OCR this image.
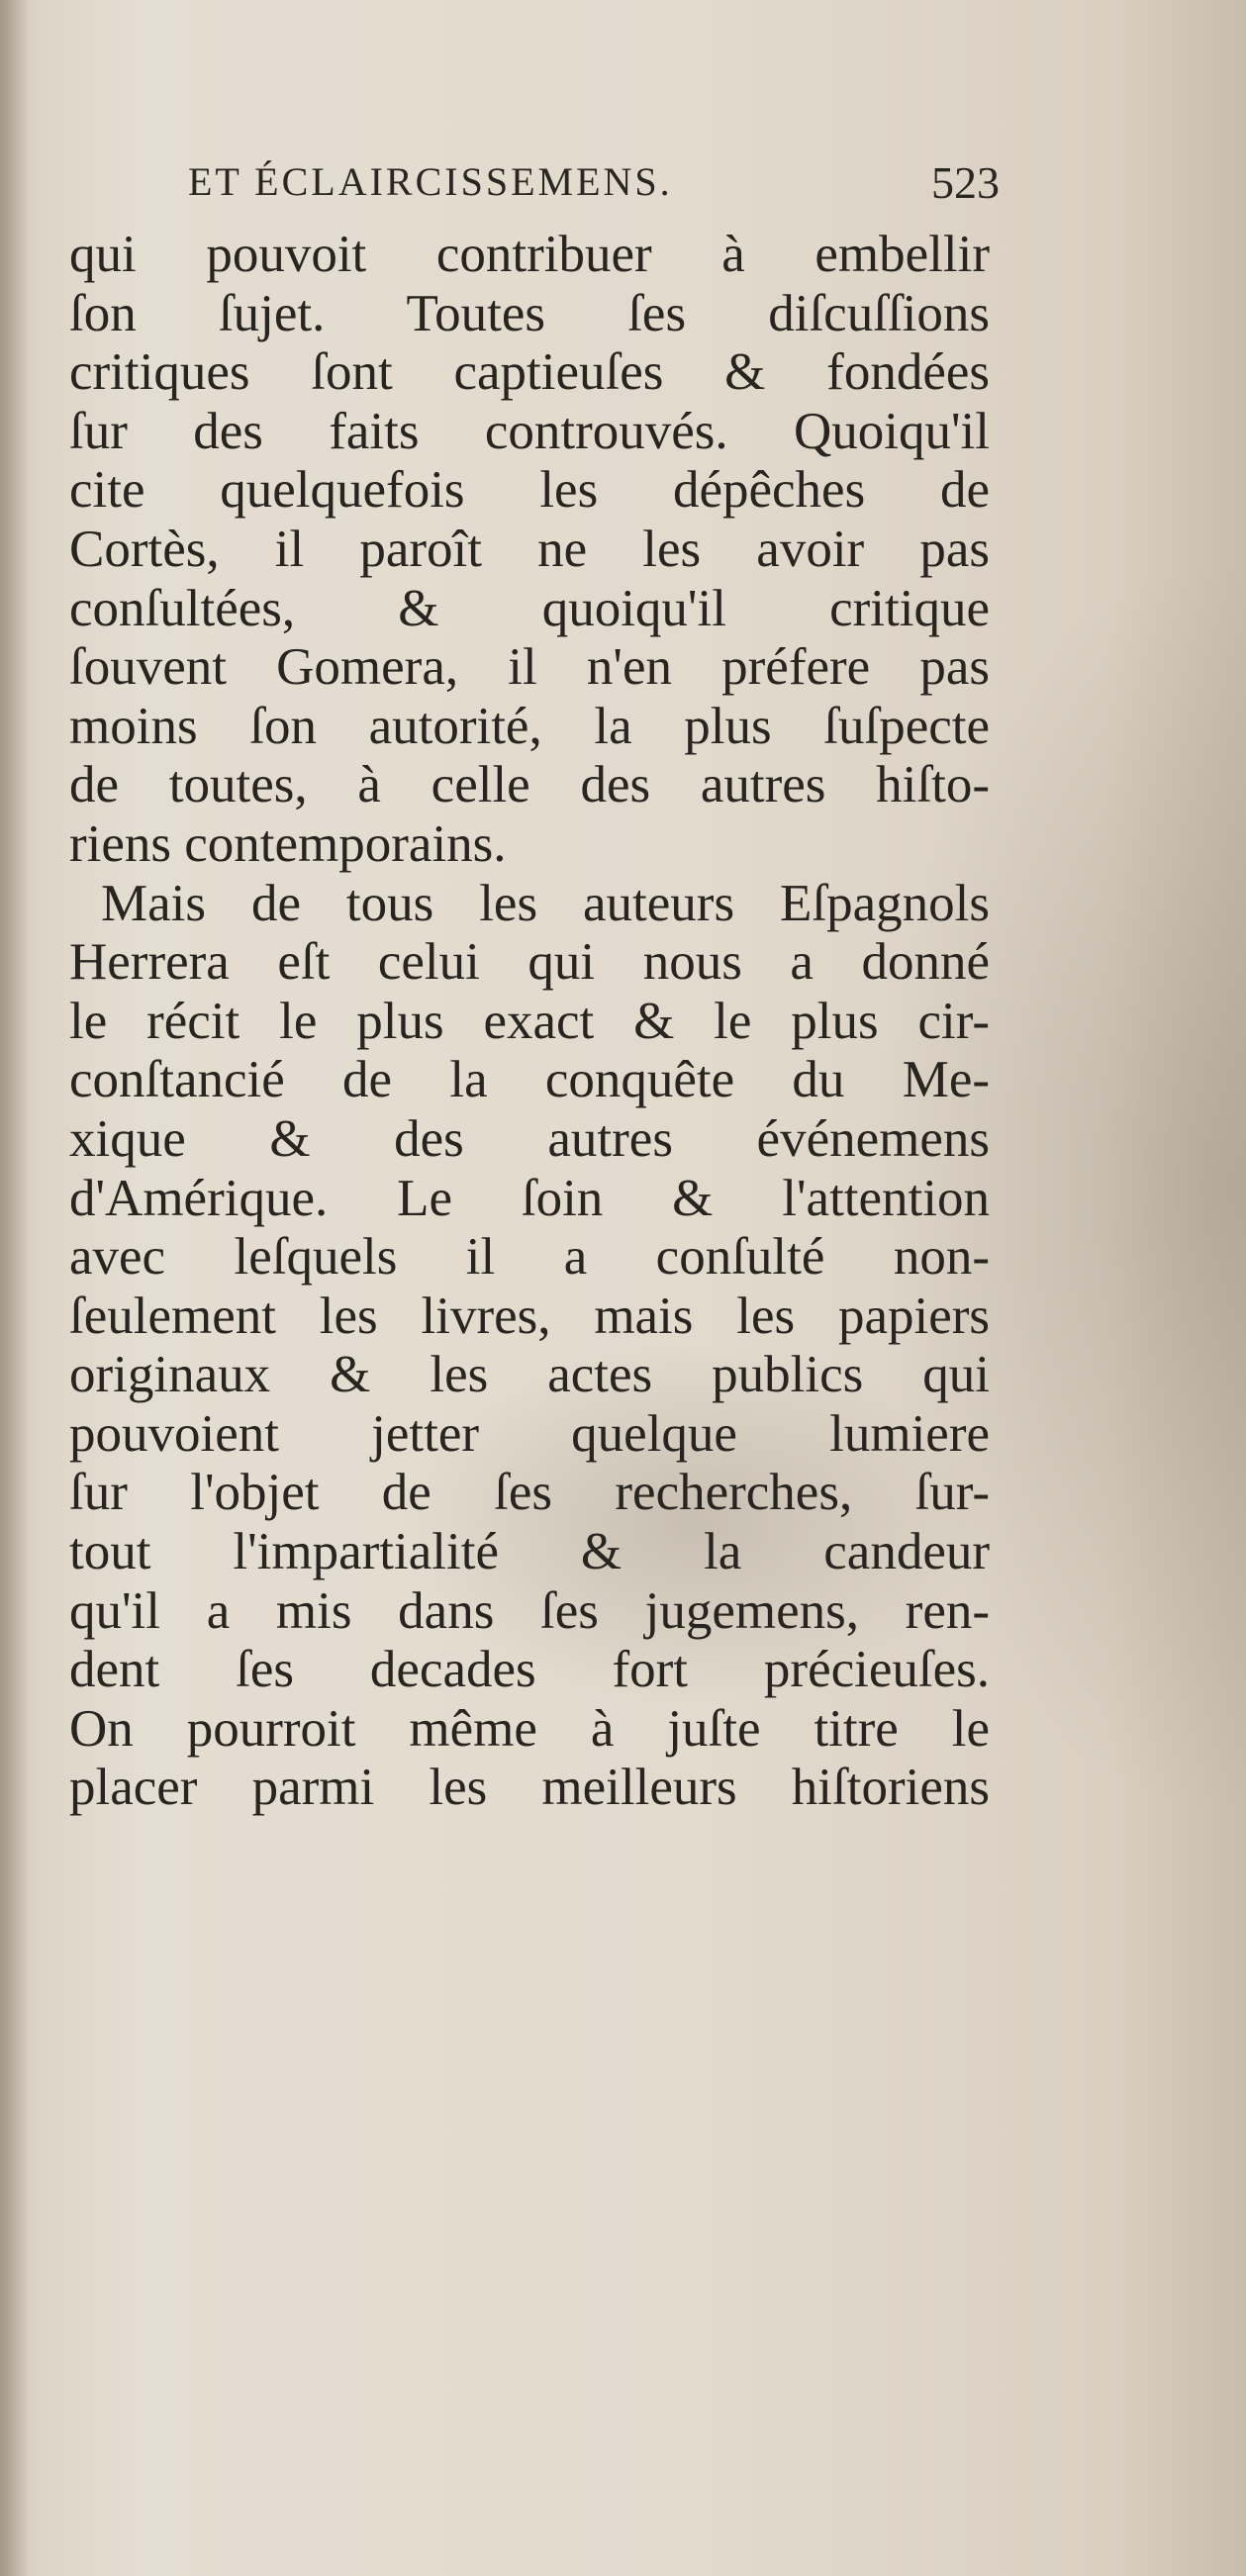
ET ÉCLAIRCISSEMENS.	523
qui pouvoit contribuer à embellir
ſon ſujet. Toutes ſes diſcuſſions
critiques ſont captieuſes & fondées
ſur des faits controuvés. Quoiqu'il
cite quelquefois les dépêches de
Cortès, il paroît ne les avoir pas
conſultées, & quoiqu'il critique
ſouvent Gomera, il n'en préfere pas
moins ſon autorité, la plus ſuſpecte
de toutes, à celle des autres hiſto-
riens contemporains.
Mais de tous les auteurs Eſpagnols
Herrera eſt celui qui nous a donné
le récit le plus exact & le plus cir-
conſtancié de la conquête du Me-
xique & des autres événemens
d'Amérique. Le ſoin & l'attention
avec leſquels il a conſulté non-
ſeulement les livres, mais les papiers
originaux & les actes publics qui
pouvoient jetter quelque lumiere
ſur l'objet de ſes recherches, ſur-
tout l'impartialité & la candeur
qu'il a mis dans ſes jugemens, ren-
dent ſes decades fort précieuſes.
On pourroit même à juſte titre le
placer parmi les meilleurs hiſtoriens
